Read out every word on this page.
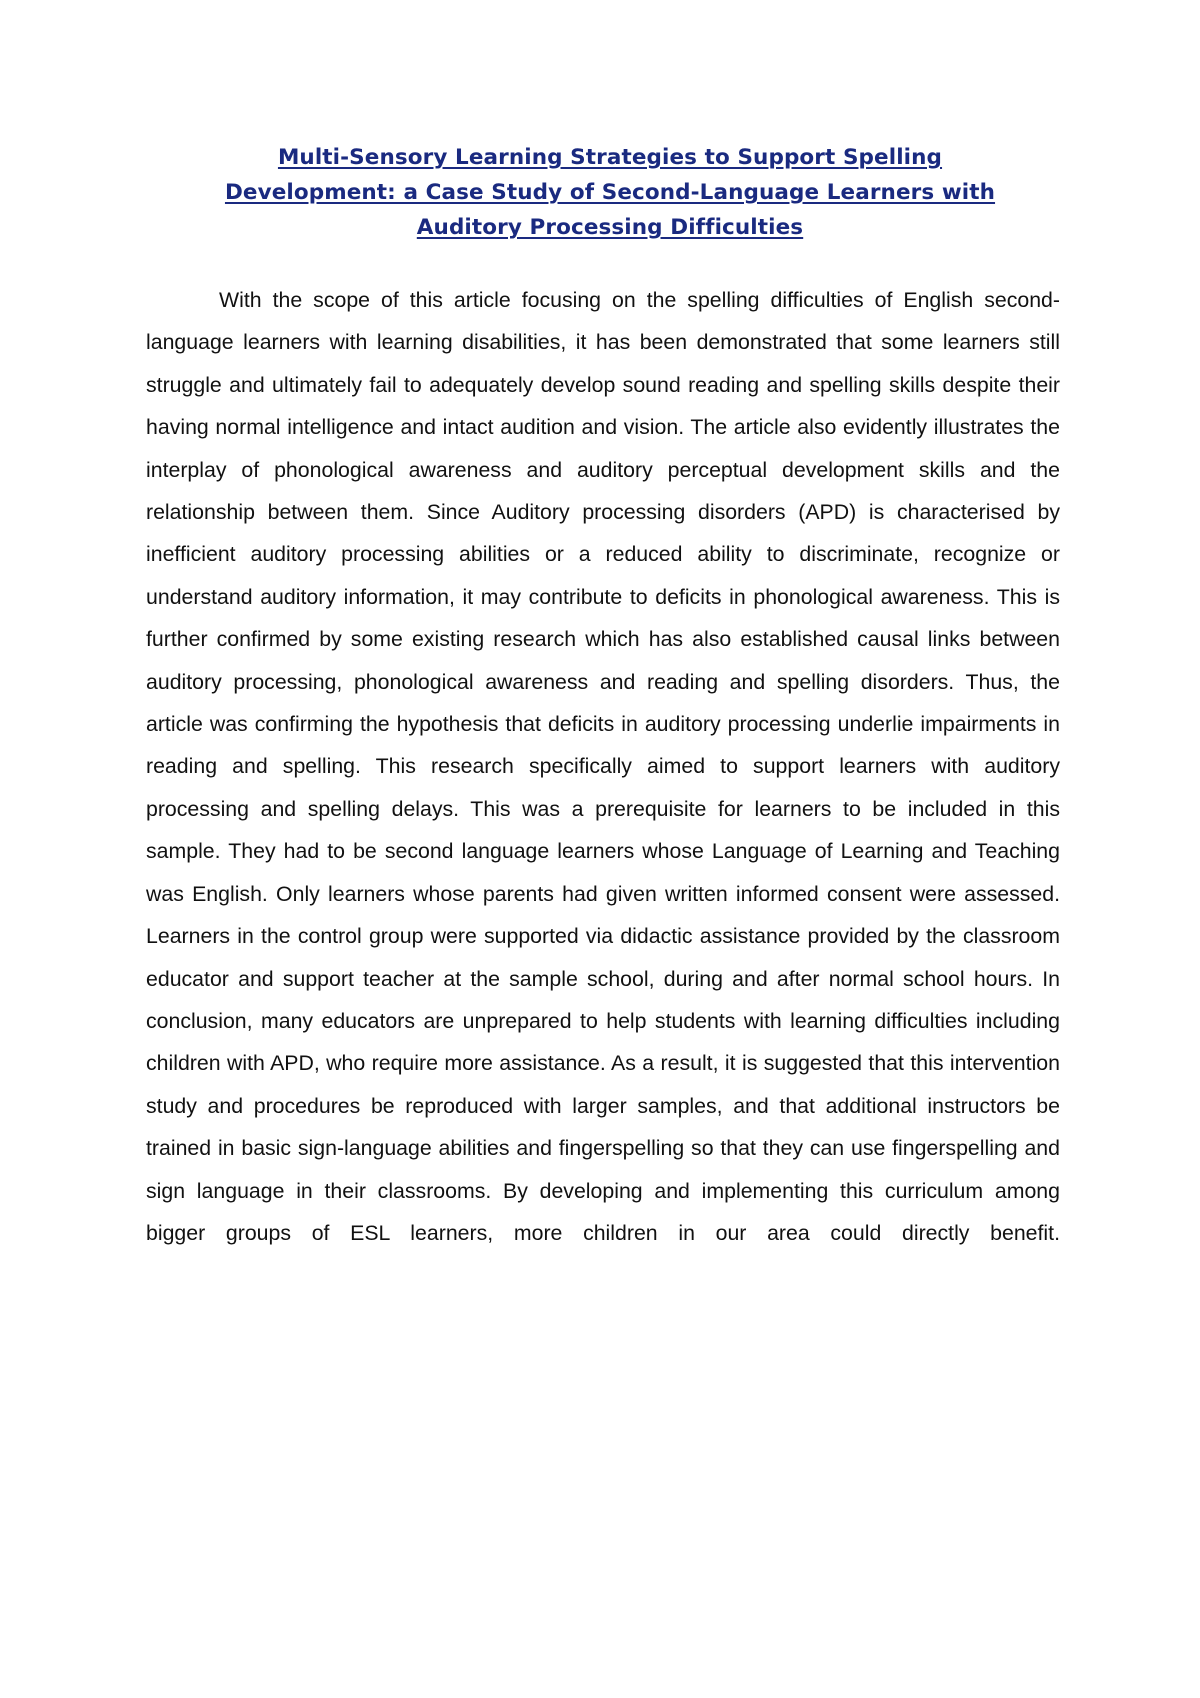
Multi-Sensory Learning Strategies to Support Spelling
Development: a Case Study of Second-Language Learners with
Auditory Processing Difficulties

With the scope of this article focusing on the spelling difficulties of English second-language learners with learning disabilities, it has been demonstrated that some learners still struggle and ultimately fail to adequately develop sound reading and spelling skills despite their having normal intelligence and intact audition and vision. The article also evidently illustrates the interplay of phonological awareness and auditory perceptual development skills and the relationship between them. Since Auditory processing disorders (APD) is characterised by inefficient auditory processing abilities or a reduced ability to discriminate, recognize or understand auditory information, it may contribute to deficits in phonological awareness. This is further confirmed by some existing research which has also established causal links between auditory processing, phonological awareness and reading and spelling disorders. Thus, the article was confirming the hypothesis that deficits in auditory processing underlie impairments in reading and spelling. This research specifically aimed to support learners with auditory processing and spelling delays. This was a prerequisite for learners to be included in this sample. They had to be second language learners whose Language of Learning and Teaching was English. Only learners whose parents had given written informed consent were assessed. Learners in the control group were supported via didactic assistance provided by the classroom educator and support teacher at the sample school, during and after normal school hours. In conclusion, many educators are unprepared to help students with learning difficulties including children with APD, who require more assistance. As a result, it is suggested that this intervention study and procedures be reproduced with larger samples, and that additional instructors be trained in basic sign-language abilities and fingerspelling so that they can use fingerspelling and sign language in their classrooms. By developing and implementing this curriculum among bigger groups of ESL learners, more children in our area could directly benefit.
